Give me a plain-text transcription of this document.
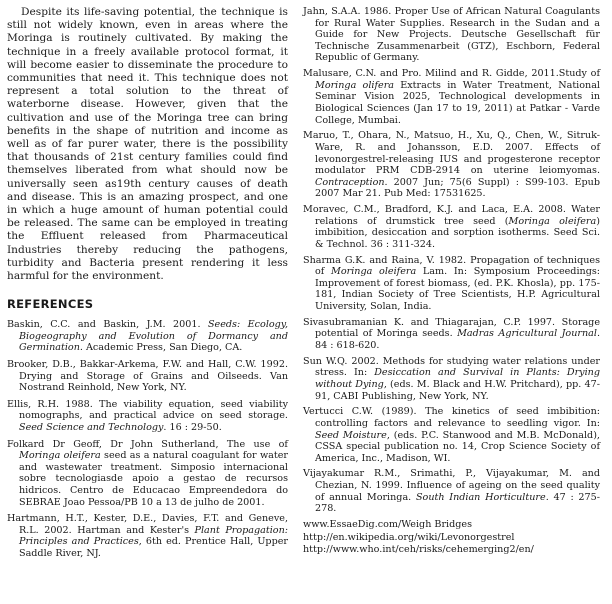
Despite its life-saving potential, the technique is still not widely known, even in areas where the Moringa is routinely cultivated. By making the technique in a freely available protocol format, it will become easier to disseminate the procedure to communities that need it. This technique does not represent a total solution to the threat of waterborne disease. However, given that the cultivation and use of the Moringa tree can bring benefits in the shape of nutrition and income as well as of far purer water, there is the possibility that thousands of 21st century families could find themselves liberated from what should now be universally seen as19th century causes of death and disease. This is an amazing prospect, and one in which a huge amount of human potential could be released. The same can be employed in treating the Effluent released from Pharmaceutical Industries thereby reducing the pathogens, turbidity and Bacteria present rendering it less harmful for the environment.

REFERENCES
Baskin, C.C. and Baskin, J.M. 2001. Seeds: Ecology, Biogeography and Evolution of Dormancy and Germination. Academic Press, San Diego, CA.
Brooker, D.B., Bakkar-Arkema, F.W. and Hall, C.W. 1992. Drying and Storage of Grains and Oilseeds. Van Nostrand Reinhold, New York, NY.
Ellis, R.H. 1988. The viability equation, seed viability nomographs, and practical advice on seed storage. Seed Science and Technology. 16 : 29-50.
Folkard Dr Geoff, Dr John Sutherland, The use of Moringa oleifera seed as a natural coagulant for water and wastewater treatment. Simposio internacional sobre tecnologiasde apoio a gestao de recursos hidricos. Centro de Educacao Empreendedora do SEBRAE Joao Pessoa/PB 10 a 13 de julho de 2001.
Hartmann, H.T., Kester, D.E., Davies, F.T. and Geneve, R.L. 2002. Hartman and Kester's Plant Propagation: Principles and Practices, 6th ed. Prentice Hall, Upper Saddle River, NJ.
Jahn, S.A.A. 1986. Proper Use of African Natural Coagulants for Rural Water Supplies. Research in the Sudan and a Guide for New Projects. Deutsche Gesellschaft für Technische Zusammenarbeit (GTZ), Eschborn, Federal Republic of Germany.
Malusare, C.N. and Pro. Milind and R. Gidde, 2011.Study of Moringa olifera Extracts in Water Treatment, National Seminar Vision 2025, Technological developments in Biological Sciences (Jan 17 to 19, 2011) at Patkar - Varde College, Mumbai.
Maruo, T., Ohara, N., Matsuo, H., Xu, Q., Chen, W., Sitruk-Ware, R. and Johansson, E.D. 2007. Effects of levonorgestrel-releasing IUS and progesterone receptor modulator PRM CDB-2914 on uterine leiomyomas. Contraception. 2007 Jun; 75(6 Suppl) : S99-103. Epub 2007 Mar 21. Pub Med: 17531625.
Moravec, C.M., Bradford, K.J. and Laca, E.A. 2008. Water relations of drumstick tree seed (Moringa oleifera) imbibition, desiccation and sorption isotherms. Seed Sci. & Technol. 36 : 311-324.
Sharma G.K. and Raina, V. 1982. Propagation of techniques of Moringa oleifera Lam. In: Symposium Proceedings: Improvement of forest biomass, (ed. P.K. Khosla), pp. 175-181, Indian Society of Tree Scientists, H.P. Agricultural University, Solan, India.
Sivasubramanian K. and Thiagarajan, C.P. 1997. Storage potential of Moringa seeds. Madras Agricultural Journal. 84 : 618-620.
Sun W.Q. 2002. Methods for studying water relations under stress. In: Desiccation and Survival in Plants: Drying without Dying, (eds. M. Black and H.W. Pritchard), pp. 47-91, CABI Publishing, New York, NY.
Vertucci C.W. (1989). The kinetics of seed imbibition: controlling factors and relevance to seedling vigor. In: Seed Moisture, (eds. P.C. Stanwood and M.B. McDonald), CSSA special publication no. 14, Crop Science Society of America, Inc., Madison, WI.
Vijayakumar R.M., Srimathi, P., Vijayakumar, M. and Chezian, N. 1999. Influence of ageing on the seed quality of annual Moringa. South Indian Horticulture. 47 : 275-278.
www.EssaeDig.com/Weigh Bridges
http://en.wikipedia.org/wiki/Levonorgestrel
http://www.who.int/ceh/risks/cehemerging2/en/
